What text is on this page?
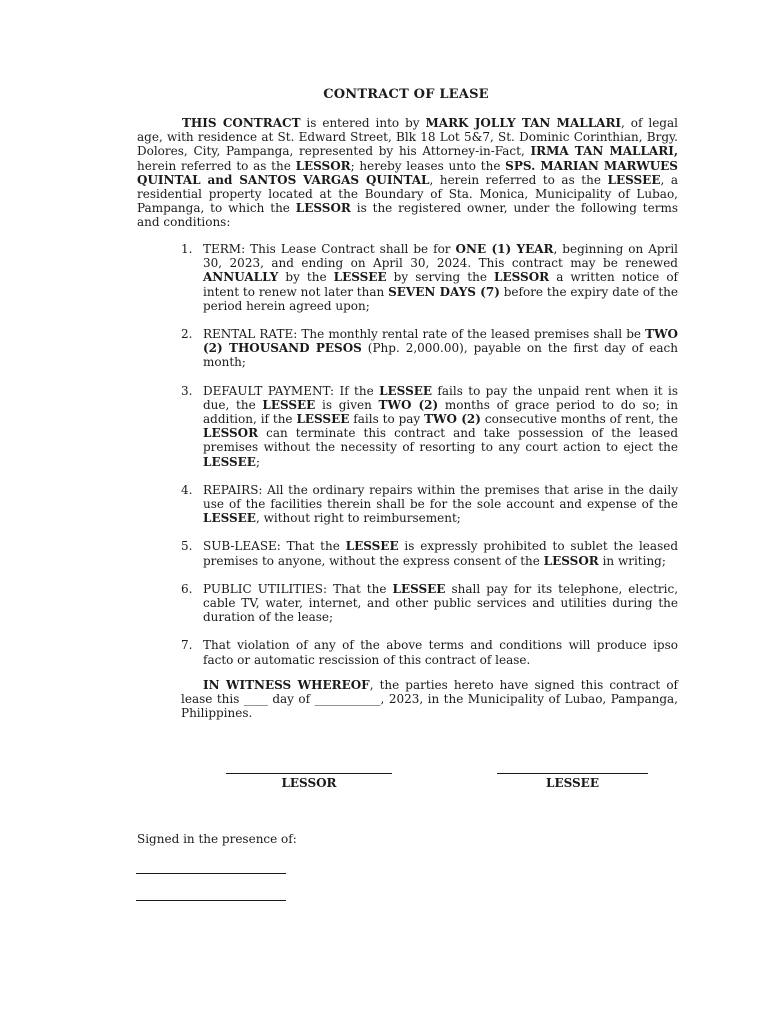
CONTRACT OF LEASE

THIS CONTRACT is entered into by MARK JOLLY TAN MALLARI, of legal age, with residence at St. Edward Street, Blk 18 Lot 5&7, St. Dominic Corinthian, Brgy. Dolores, City, Pampanga, represented by his Attorney-in-Fact, IRMA TAN MALLARI, herein referred to as the LESSOR; hereby leases unto the SPS. MARIAN MARWUES QUINTAL and SANTOS VARGAS QUINTAL, herein referred to as the LESSEE, a residential property located at the Boundary of Sta. Monica, Municipality of Lubao, Pampanga, to which the LESSOR is the registered owner, under the following terms and conditions:

1. TERM: This Lease Contract shall be for ONE (1) YEAR, beginning on April 30, 2023, and ending on April 30, 2024. This contract may be renewed ANNUALLY by the LESSEE by serving the LESSOR a written notice of intent to renew not later than SEVEN DAYS (7) before the expiry date of the period herein agreed upon;
2. RENTAL RATE: The monthly rental rate of the leased premises shall be TWO (2) THOUSAND PESOS (Php. 2,000.00), payable on the first day of each month;
3. DEFAULT PAYMENT: If the LESSEE fails to pay the unpaid rent when it is due, the LESSEE is given TWO (2) months of grace period to do so; in addition, if the LESSEE fails to pay TWO (2) consecutive months of rent, the LESSOR can terminate this contract and take possession of the leased premises without the necessity of resorting to any court action to eject the LESSEE;
4. REPAIRS: All the ordinary repairs within the premises that arise in the daily use of the facilities therein shall be for the sole account and expense of the LESSEE, without right to reimbursement;
5. SUB-LEASE: That the LESSEE is expressly prohibited to sublet the leased premises to anyone, without the express consent of the LESSOR in writing;
6. PUBLIC UTILITIES: That the LESSEE shall pay for its telephone, electric, cable TV, water, internet, and other public services and utilities during the duration of the lease;
7. That violation of any of the above terms and conditions will produce ipso facto or automatic rescission of this contract of lease.

IN WITNESS WHEREOF, the parties hereto have signed this contract of lease this ____ day of ___________, 2023, in the Municipality of Lubao, Pampanga, Philippines.

LESSOR	LESSEE
Signed in the presence of:
